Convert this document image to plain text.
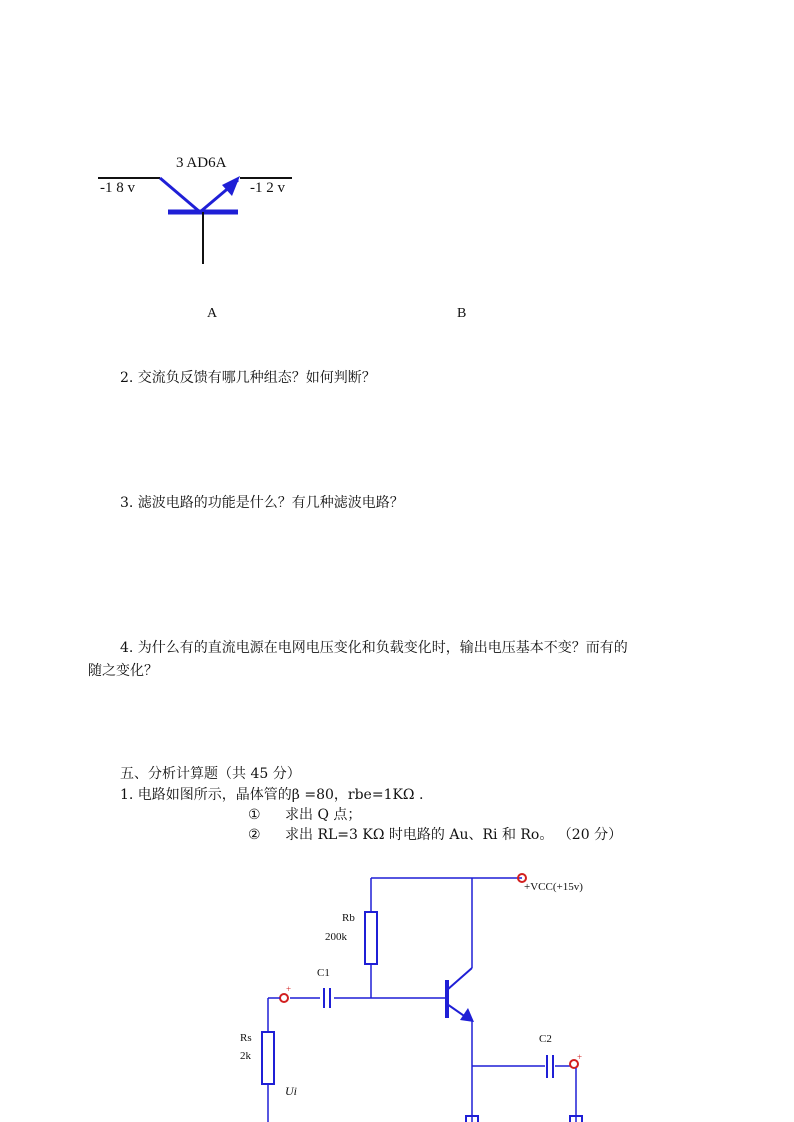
3 AD6A
-1 8 v	-1 2 v
A	B
2. 交流负反馈有哪几种组态？如何判断？
3. 滤波电路的功能是什么？有几种滤波电路？
4. 为什么有的直流电源在电网电压变化和负载变化时，输出电压基本不变？而有的
随之变化？
五、分析计算题（共 45 分）
1. 电路如图所示，晶体管的β =80，rbe=1KΩ .
① 求出 Q 点；
② 求出 RL=3 KΩ 时电路的 Au、Ri 和 Ro。 （20 分）
+VCC(+15v)
Rb
200k
C1
Rs
2k
Ui
C2
+
+
